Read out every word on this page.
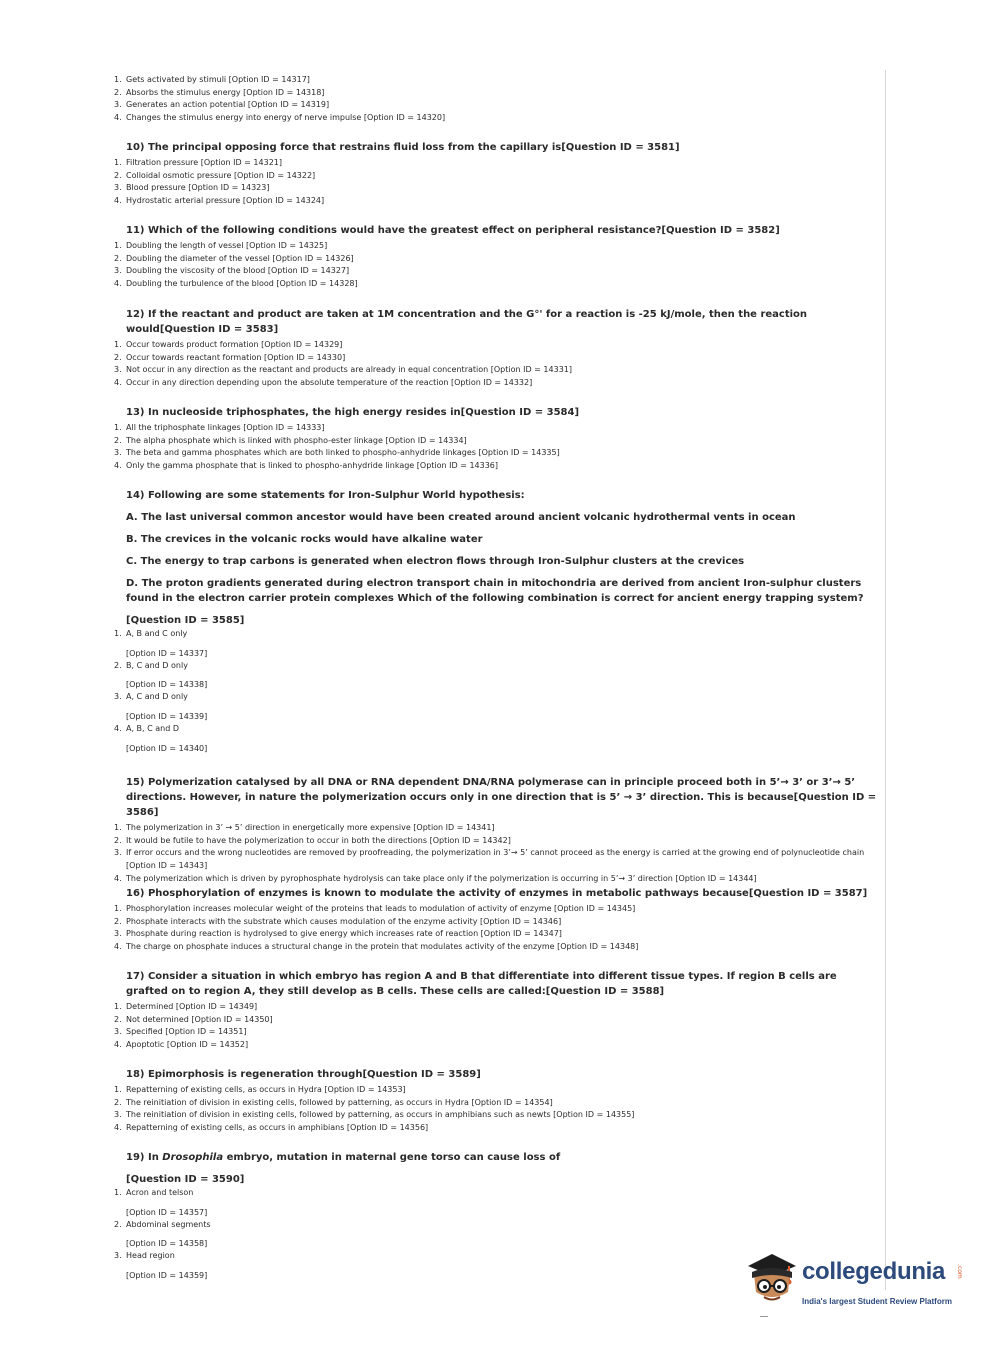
1. Gets activated by stimuli [Option ID = 14317]
2. Absorbs the stimulus energy [Option ID = 14318]
3. Generates an action potential [Option ID = 14319]
4. Changes the stimulus energy into energy of nerve impulse [Option ID = 14320]

10) The principal opposing force that restrains fluid loss from the capillary is[Question ID = 3581]

1. Filtration pressure [Option ID = 14321]
2. Colloidal osmotic pressure [Option ID = 14322]
3. Blood pressure [Option ID = 14323]
4. Hydrostatic arterial pressure [Option ID = 14324]

11) Which of the following conditions would have the greatest effect on peripheral resistance?[Question ID = 3582]

1. Doubling the length of vessel [Option ID = 14325]
2. Doubling the diameter of the vessel [Option ID = 14326]
3. Doubling the viscosity of the blood [Option ID = 14327]
4. Doubling the turbulence of the blood [Option ID = 14328]

12) If the reactant and product are taken at 1M concentration and the G°' for a reaction is -25 kJ/mole, then the reaction would[Question ID = 3583]

1. Occur towards product formation [Option ID = 14329]
2. Occur towards reactant formation [Option ID = 14330]
3. Not occur in any direction as the reactant and products are already in equal concentration [Option ID = 14331]
4. Occur in any direction depending upon the absolute temperature of the reaction [Option ID = 14332]

13) In nucleoside triphosphates, the high energy resides in[Question ID = 3584]

1. All the triphosphate linkages [Option ID = 14333]
2. The alpha phosphate which is linked with phospho-ester linkage [Option ID = 14334]
3. The beta and gamma phosphates which are both linked to phospho-anhydride linkages [Option ID = 14335]
4. Only the gamma phosphate that is linked to phospho-anhydride linkage [Option ID = 14336]

14) Following are some statements for Iron-Sulphur World hypothesis:

A. The last universal common ancestor would have been created around ancient volcanic hydrothermal vents in ocean

B. The crevices in the volcanic rocks would have alkaline water

C. The energy to trap carbons is generated when electron flows through Iron-Sulphur clusters at the crevices

D. The proton gradients generated during electron transport chain in mitochondria are derived from ancient Iron-sulphur clusters found in the electron carrier protein complexes Which of the following combination is correct for ancient energy trapping system?

[Question ID = 3585]

1. A, B and C only
[Option ID = 14337]
2. B, C and D only
[Option ID = 14338]
3. A, C and D only
[Option ID = 14339]
4. A, B, C and D
[Option ID = 14340]

15) Polymerization catalysed by all DNA or RNA dependent DNA/RNA polymerase can in principle proceed both in 5’→ 3’ or 3’→ 5’ directions. However, in nature the polymerization occurs only in one direction that is 5’ → 3’ direction. This is because[Question ID = 3586]

1. The polymerization in 3’ → 5’ direction in energetically more expensive [Option ID = 14341]
2. It would be futile to have the polymerization to occur in both the directions [Option ID = 14342]
3. If error occurs and the wrong nucleotides are removed by proofreading, the polymerization in 3’→ 5’ cannot proceed as the energy is carried at the growing end of polynucleotide chain [Option ID = 14343]
4. The polymerization which is driven by pyrophosphate hydrolysis can take place only if the polymerization is occurring in 5’→ 3’ direction [Option ID = 14344]

16) Phosphorylation of enzymes is known to modulate the activity of enzymes in metabolic pathways because[Question ID = 3587]

1. Phosphorylation increases molecular weight of the proteins that leads to modulation of activity of enzyme [Option ID = 14345]
2. Phosphate interacts with the substrate which causes modulation of the enzyme activity [Option ID = 14346]
3. Phosphate during reaction is hydrolysed to give energy which increases rate of reaction [Option ID = 14347]
4. The charge on phosphate induces a structural change in the protein that modulates activity of the enzyme [Option ID = 14348]

17) Consider a situation in which embryo has region A and B that differentiate into different tissue types. If region B cells are grafted on to region A, they still develop as B cells. These cells are called:[Question ID = 3588]

1. Determined [Option ID = 14349]
2. Not determined [Option ID = 14350]
3. Specified [Option ID = 14351]
4. Apoptotic [Option ID = 14352]

18) Epimorphosis is regeneration through[Question ID = 3589]

1. Repatterning of existing cells, as occurs in Hydra [Option ID = 14353]
2. The reinitiation of division in existing cells, followed by patterning, as occurs in Hydra [Option ID = 14354]
3. The reinitiation of division in existing cells, followed by patterning, as occurs in amphibians such as newts [Option ID = 14355]
4. Repatterning of existing cells, as occurs in amphibians [Option ID = 14356]

19) In Drosophila embryo, mutation in maternal gene torso can cause loss of

[Question ID = 3590]

1. Acron and telson
[Option ID = 14357]
2. Abdominal segments
[Option ID = 14358]
3. Head region
[Option ID = 14359]	collegedunia .com
India's largest Student Review Platform
